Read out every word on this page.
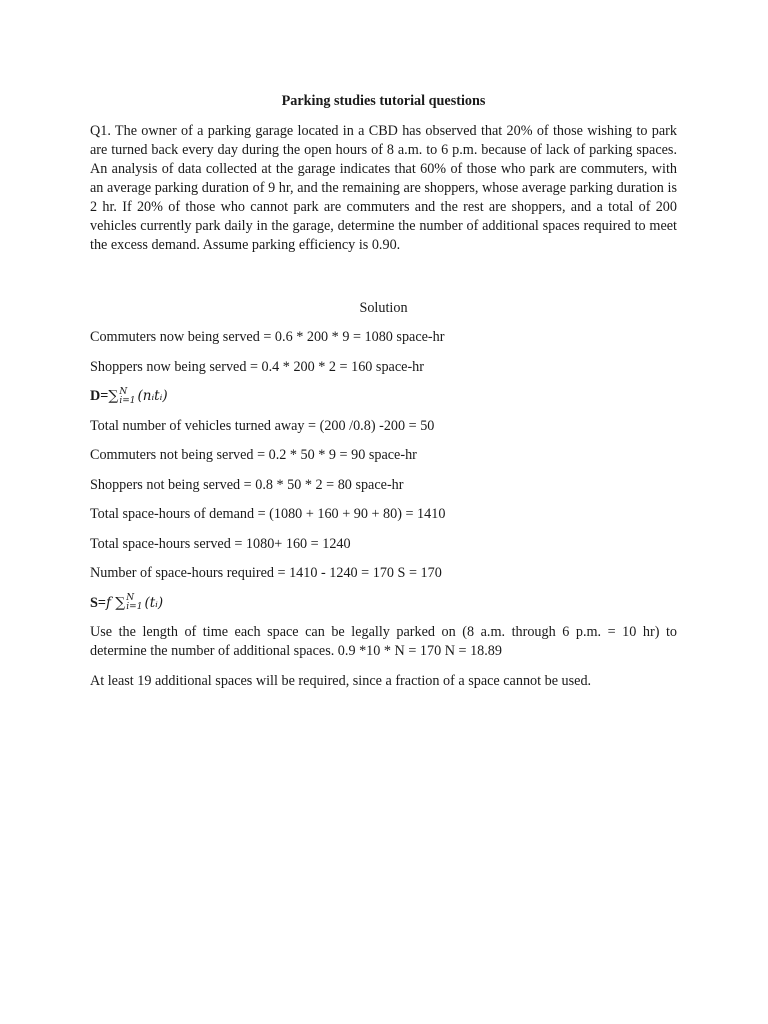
Parking studies tutorial questions

Q1. The owner of a parking garage located in a CBD has observed that 20% of those wishing to park are turned back every day during the open hours of 8 a.m. to 6 p.m. because of lack of parking spaces. An analysis of data collected at the garage indicates that 60% of those who park are commuters, with an average parking duration of 9 hr, and the remaining are shoppers, whose average parking duration is 2 hr. If 20% of those who cannot park are commuters and the rest are shoppers, and a total of 200 vehicles currently park daily in the garage, determine the number of additional spaces required to meet the excess demand. Assume parking efficiency is 0.90.

Solution

Commuters now being served = 0.6 * 200 * 9 = 1080 space-hr

Shoppers now being served = 0.4 * 200 * 2 = 160 space-hr

D=∑ N
i=1 (nᵢtᵢ)

Total number of vehicles turned away = (200 /0.8) -200 = 50

Commuters not being served = 0.2 * 50 * 9 = 90 space-hr

Shoppers not being served = 0.8 * 50 * 2 = 80 space-hr

Total space-hours of demand = (1080 + 160 + 90 + 80) = 1410

Total space-hours served = 1080+ 160 = 1240

Number of space-hours required = 1410 - 1240 = 170 S = 170

S=f ∑ N
i=1 (tᵢ)

Use the length of time each space can be legally parked on (8 a.m. through 6 p.m. = 10 hr) to determine the number of additional spaces. 0.9 *10 * N = 170 N = 18.89

At least 19 additional spaces will be required, since a fraction of a space cannot be used.
